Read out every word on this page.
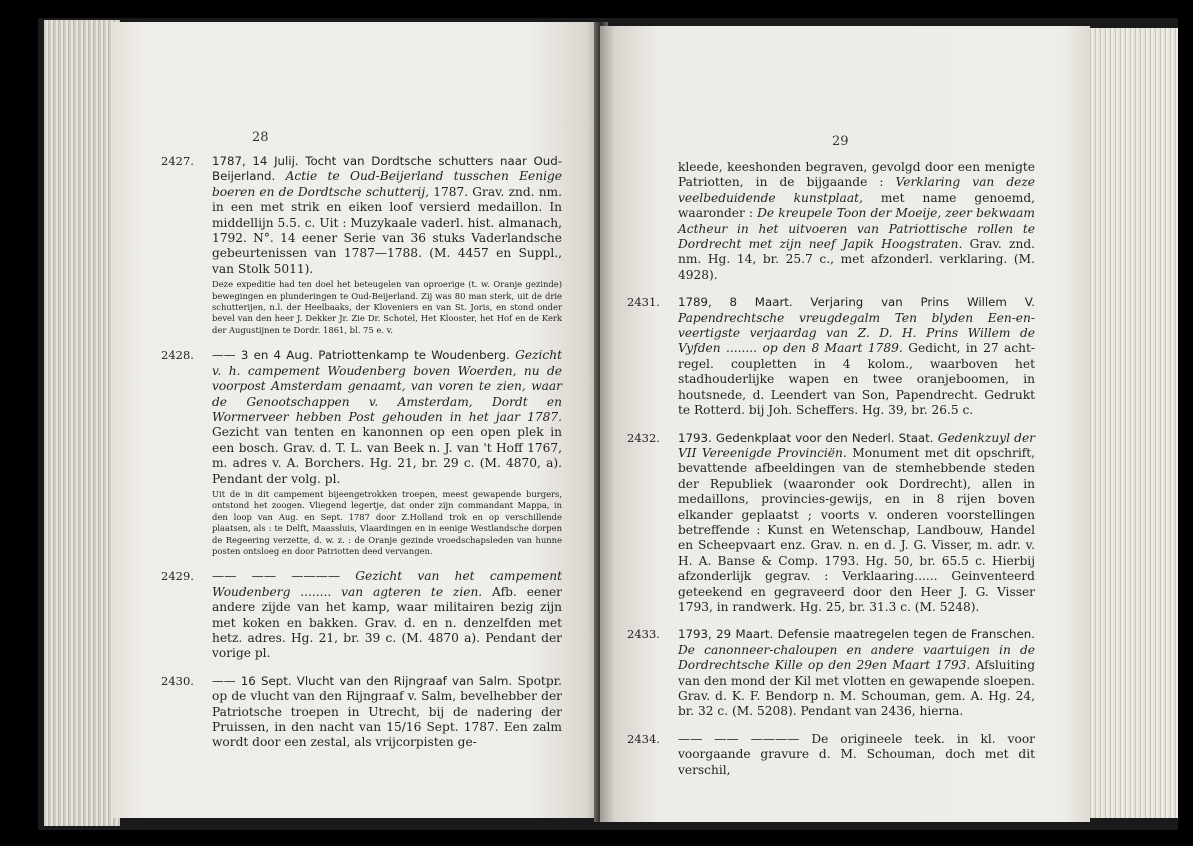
28
2427. 1787, 14 Julij. Tocht van Dordtsche schutters naar Oud-Beijerland. Actie te Oud-Beijerland tusschen Eenige boeren en de Dordtsche schutterij, 1787. Grav. znd. nm. in een met strik en eiken loof versierd medaillon. In middellijn 5.5. c. Uit : Muzykaale vaderl. hist. almanach, 1792. N°. 14 eener Serie van 36 stuks Vaderlandsche gebeurtenissen van 1787—1788. (M. 4457 en Suppl., van Stolk 5011).

Deze expeditie had ten doel het beteugelen van oproerige (t. w. Oranje gezinde) bewegingen en plunderingen te Oud-Beijerland. Zij was 80 man sterk, uit de drie schutterijen, n.l. der Heelbaaks, der Kloveniers en van St. Joris, en stond onder bevel van den heer J. Dekker Jr. Zie Dr. Schotel, Het Klooster, het Hof en de Kerk der Augustijnen te Dordr. 1861, bl. 75 e. v.

2428. —— 3 en 4 Aug. Patriottenkamp te Woudenberg. Gezicht v. h. campement Woudenberg boven Woerden, nu de voorpost Amsterdam genaamt, van voren te zien, waar de Genootschappen v. Amsterdam, Dordt en Wormerveer hebben Post gehouden in het jaar 1787. Gezicht van tenten en kanonnen op een open plek in een bosch. Grav. d. T. L. van Beek n. J. van 't Hoff 1767, m. adres v. A. Borchers. Hg. 21, br. 29 c. (M. 4870, a). Pendant der volg. pl.

Uit de in dit campement bijeengetrokken troepen, meest gewapende burgers, ontstond het zoogen. Vliegend legertje, dat onder zijn commandant Mappa, in den loop van Aug. en Sept. 1787 door Z.Holland trok en op verschillende plaatsen, als : te Delft, Maassluis, Vlaardingen en in eenige Westlandsche dorpen de Regeering verzette, d. w. z. : de Oranje gezinde vroedschapsleden van hunne posten ontsloeg en door Patriotten deed vervangen.

2429. —— —— ———— Gezicht van het campement Woudenberg ........ van agteren te zien. Afb. eener andere zijde van het kamp, waar militairen bezig zijn met koken en bakken. Grav. d. en n. denzelfden met hetz. adres. Hg. 21, br. 39 c. (M. 4870 a). Pendant der vorige pl.

2430. —— 16 Sept. Vlucht van den Rijngraaf van Salm. Spotpr. op de vlucht van den Rijngraaf v. Salm, bevelhebber der Patriotsche troepen in Utrecht, bij de nadering der Pruissen, in den nacht van 15/16 Sept. 1787. Een zalm wordt door een zestal, als vrijcorpisten ge-

29

kleede, keeshonden begraven, gevolgd door een menigte Patriotten, in de bijgaande : Verklaring van deze veelbeduidende kunstplaat, met name genoemd, waaronder : De kreupele Toon der Moeije, zeer bekwaam Actheur in het uitvoeren van Patriottische rollen te Dordrecht met zijn neef Japik Hoogstraten. Grav. znd. nm. Hg. 14, br. 25.7 c., met afzonderl. verklaring. (M. 4928).

2431. 1789, 8 Maart. Verjaring van Prins Willem V. Papendrechtsche vreugdegalm Ten blyden Een-en-veertigste verjaardag van Z. D. H. Prins Willem de Vyfden ........ op den 8 Maart 1789. Gedicht, in 27 acht-regel. coupletten in 4 kolom., waarboven het stadhouderlijke wapen en twee oranjeboomen, in houtsnede, d. Leendert van Son, Papendrecht. Gedrukt te Rotterd. bij Joh. Scheffers. Hg. 39, br. 26.5 c.

2432. 1793. Gedenkplaat voor den Nederl. Staat. Gedenkzuyl der VII Vereenigde Provinciën. Monument met dit opschrift, bevattende afbeeldingen van de stemhebbende steden der Republiek (waaronder ook Dordrecht), allen in medaillons, provincies-gewijs, en in 8 rijen boven elkander geplaatst ; voorts v. onderen voorstellingen betreffende : Kunst en Wetenschap, Landbouw, Handel en Scheepvaart enz. Grav. n. en d. J. G. Visser, m. adr. v. H. A. Banse & Comp. 1793. Hg. 50, br. 65.5 c. Hierbij afzonderlijk gegrav. : Verklaaring...... Geinventeerd geteekend en gegraveerd door den Heer J. G. Visser 1793, in randwerk. Hg. 25, br. 31.3 c. (M. 5248).

2433. 1793, 29 Maart. Defensie maatregelen tegen de Franschen. De canonneer-chaloupen en andere vaartuigen in de Dordrechtsche Kille op den 29en Maart 1793. Afsluiting van den mond der Kil met vlotten en gewapende sloepen. Grav. d. K. F. Bendorp n. M. Schouman, gem. A. Hg. 24, br. 32 c. (M. 5208). Pendant van 2436, hierna.

2434. —— —— ———— De origineele teek. in kl. voor voorgaande gravure d. M. Schouman, doch met dit verschil,
